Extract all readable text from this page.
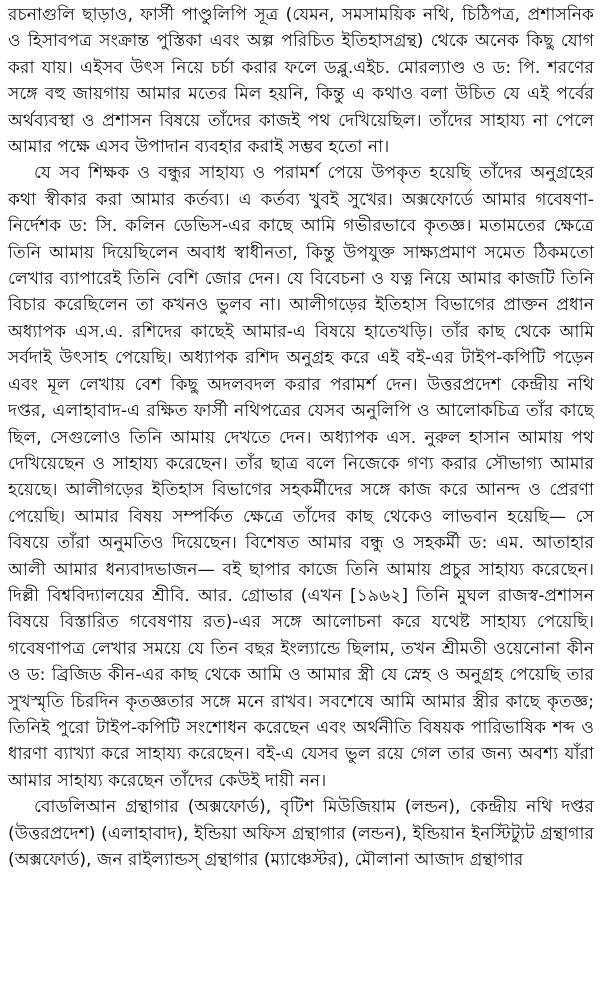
রচনাগুলি ছাড়াও, ফার্সী পাণ্ডুলিপি সূত্র (যেমন, সমসাময়িক নথি, চিঠিপত্র, প্রশাসনিক ও হিসাবপত্র সংক্রান্ত পুস্তিকা এবং অল্প পরিচিত ইতিহাসগ্রন্থ) থেকে অনেক কিছু যোগ করা যায়। এইসব উৎস নিয়ে চর্চা করার ফলে ডব্লু.এইচ. মোরল্যাণ্ড ও ড: পি. শরণের সঙ্গে বহু জায়গায় আমার মতের মিল হয়নি, কিন্তু এ কথাও বলা উচিত যে এই পর্বের অর্থব্যবস্থা ও প্রশাসন বিষয়ে তাঁদের কাজই পথ দেখিয়েছিল। তাঁদের সাহায্য না পেলে আমার পক্ষে এসব উপাদান ব্যবহার করাই সম্ভব হতো না।

যে সব শিক্ষক ও বন্ধুর সাহায্য ও পরামর্শ পেয়ে উপকৃত হয়েছি তাঁদের অনুগ্রহের কথা স্বীকার করা আমার কর্তব্য। এ কর্তব্য খুবই সুখের। অক্সফোর্ডে আমার গবেষণা-নির্দেশক ড: সি. কলিন ডেভিস-এর কাছে আমি গভীরভাবে কৃতজ্ঞ। মতামতের ক্ষেত্রে তিনি আমায় দিয়েছিলেন অবাধ স্বাধীনতা, কিন্তু উপযুক্ত সাক্ষ্যপ্রমাণ সমেত ঠিকমতো লেখার ব্যাপারেই তিনি বেশি জোর দেন। যে বিবেচনা ও যত্ন নিয়ে আমার কাজটি তিনি বিচার করেছিলেন তা কখনও ভুলব না। আলীগড়ের ইতিহাস বিভাগের প্রাক্তন প্রধান অধ্যাপক এস.এ. রশিদের কাছেই আমার-এ বিষয়ে হাতেখড়ি। তাঁর কাছ থেকে আমি সর্বদাই উৎসাহ পেয়েছি। অধ্যাপক রশিদ অনুগ্রহ করে এই বই-এর টাইপ-কপিটি পড়েন এবং মূল লেখায় বেশ কিছু অদলবদল করার পরামর্শ দেন। উত্তরপ্রদেশ কেন্দ্রীয় নথি দপ্তর, এলাহাবাদ-এ রক্ষিত ফার্সী নথিপত্রের যেসব অনুলিপি ও আলোকচিত্র তাঁর কাছে ছিল, সেগুলোও তিনি আমায় দেখতে দেন। অধ্যাপক এস. নুরুল হাসান আমায় পথ দেখিয়েছেন ও সাহায্য করেছেন। তাঁর ছাত্র বলে নিজেকে গণ্য করার সৌভাগ্য আমার হয়েছে। আলীগড়ের ইতিহাস বিভাগের সহকর্মীদের সঙ্গে কাজ করে আনন্দ ও প্রেরণা পেয়েছি। আমার বিষয় সম্পর্কিত ক্ষেত্রে তাঁদের কাছ থেকেও লাভবান হয়েছি— সে বিষয়ে তাঁরা অনুমতিও দিয়েছেন। বিশেষত আমার বন্ধু ও সহকর্মী ড: এম. আতাহার আলী আমার ধন্যবাদভাজন— বই ছাপার কাজে তিনি আমায় প্রচুর সাহায্য করেছেন। দিল্লী বিশ্ববিদ্যালয়ের শ্রীবি. আর. গ্রোভার (এখন [১৯৬২] তিনি মুঘল রাজস্ব-প্রশাসন বিষয়ে বিস্তারিত গবেষণায় রত)-এর সঙ্গে আলোচনা করে যথেষ্ট সাহায্য পেয়েছি। গবেষণাপত্র লেখার সময়ে যে তিন বছর ইংল্যান্ডে ছিলাম, তখন শ্রীমতী ওয়েনোনা কীন ও ড: ব্রিজিড কীন-এর কাছ থেকে আমি ও আমার স্ত্রী যে স্নেহ ও অনুগ্রহ পেয়েছি তার সুখস্মৃতি চিরদিন কৃতজ্ঞতার সঙ্গে মনে রাখব। সবশেষে আমি আমার স্ত্রীর কাছে কৃতজ্ঞ; তিনিই পুরো টাইপ-কপিটি সংশোধন করেছেন এবং অর্থনীতি বিষয়ক পারিভাষিক শব্দ ও ধারণা ব্যাখ্যা করে সাহায্য করেছেন। বই-এ যেসব ভুল রয়ে গেল তার জন্য অবশ্য যাঁরা আমার সাহায্য করেছেন তাঁদের কেউই দায়ী নন।

বোডলিআন গ্রন্থাগার (অক্সফোর্ড), বৃটিশ মিউজিয়াম (লন্ডন), কেন্দ্রীয় নথি দপ্তর (উত্তরপ্রদেশ) (এলাহাবাদ), ইন্ডিয়া অফিস গ্রন্থাগার (লন্ডন), ইন্ডিয়ান ইনস্টিট্যুট গ্রন্থাগার (অক্সফোর্ড), জন রাইল্যান্ডস্ গ্রন্থাগার (ম্যাঞ্চেস্টর), মৌলানা আজাদ গ্রন্থাগার
